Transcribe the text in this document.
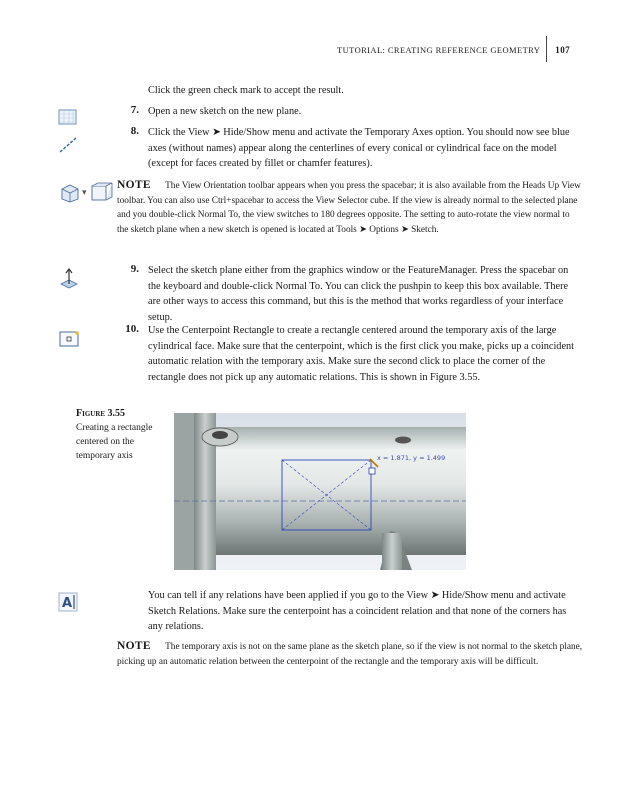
TUTORIAL: CREATING REFERENCE GEOMETRY 107
Click the green check mark to accept the result.
7. Open a new sketch on the new plane.
8. Click the View ➤ Hide/Show menu and activate the Temporary Axes option. You should now see blue axes (without names) appear along the centerlines of every conical or cylindrical face on the model (except for faces created by fillet or chamfer features).
▾
NOTE The View Orientation toolbar appears when you press the spacebar; it is also available from the Heads Up View toolbar. You can also use Ctrl+spacebar to access the View Selector cube. If the view is already normal to the selected plane and you double-click Normal To, the view switches to 180 degrees opposite. The setting to auto-rotate the view normal to the sketch plane when a new sketch is opened is located at Tools ➤ Options ➤ Sketch.
9. Select the sketch plane either from the graphics window or the FeatureManager. Press the spacebar on the keyboard and double-click Normal To. You can click the pushpin to keep this box available. There are other ways to access this command, but this is the method that works regardless of your interface setup.
10. Use the Centerpoint Rectangle to create a rectangle centered around the temporary axis of the large cylindrical face. Make sure that the centerpoint, which is the first click you make, picks up a coincident automatic relation with the temporary axis. Make sure the second click to place the corner of the rectangle does not pick up any automatic relations. This is shown in Figure 3.55.
Figure 3.55
Creating a rectangle centered on the temporary axis	x = 1.871, y = 1.499
A
You can tell if any relations have been applied if you go to the View ➤ Hide/Show menu and activate Sketch Relations. Make sure the centerpoint has a coincident relation and that none of the corners has any relations.
NOTE The temporary axis is not on the same plane as the sketch plane, so if the view is not normal to the sketch plane, picking up an automatic relation between the centerpoint of the rectangle and the temporary axis will be difficult.
